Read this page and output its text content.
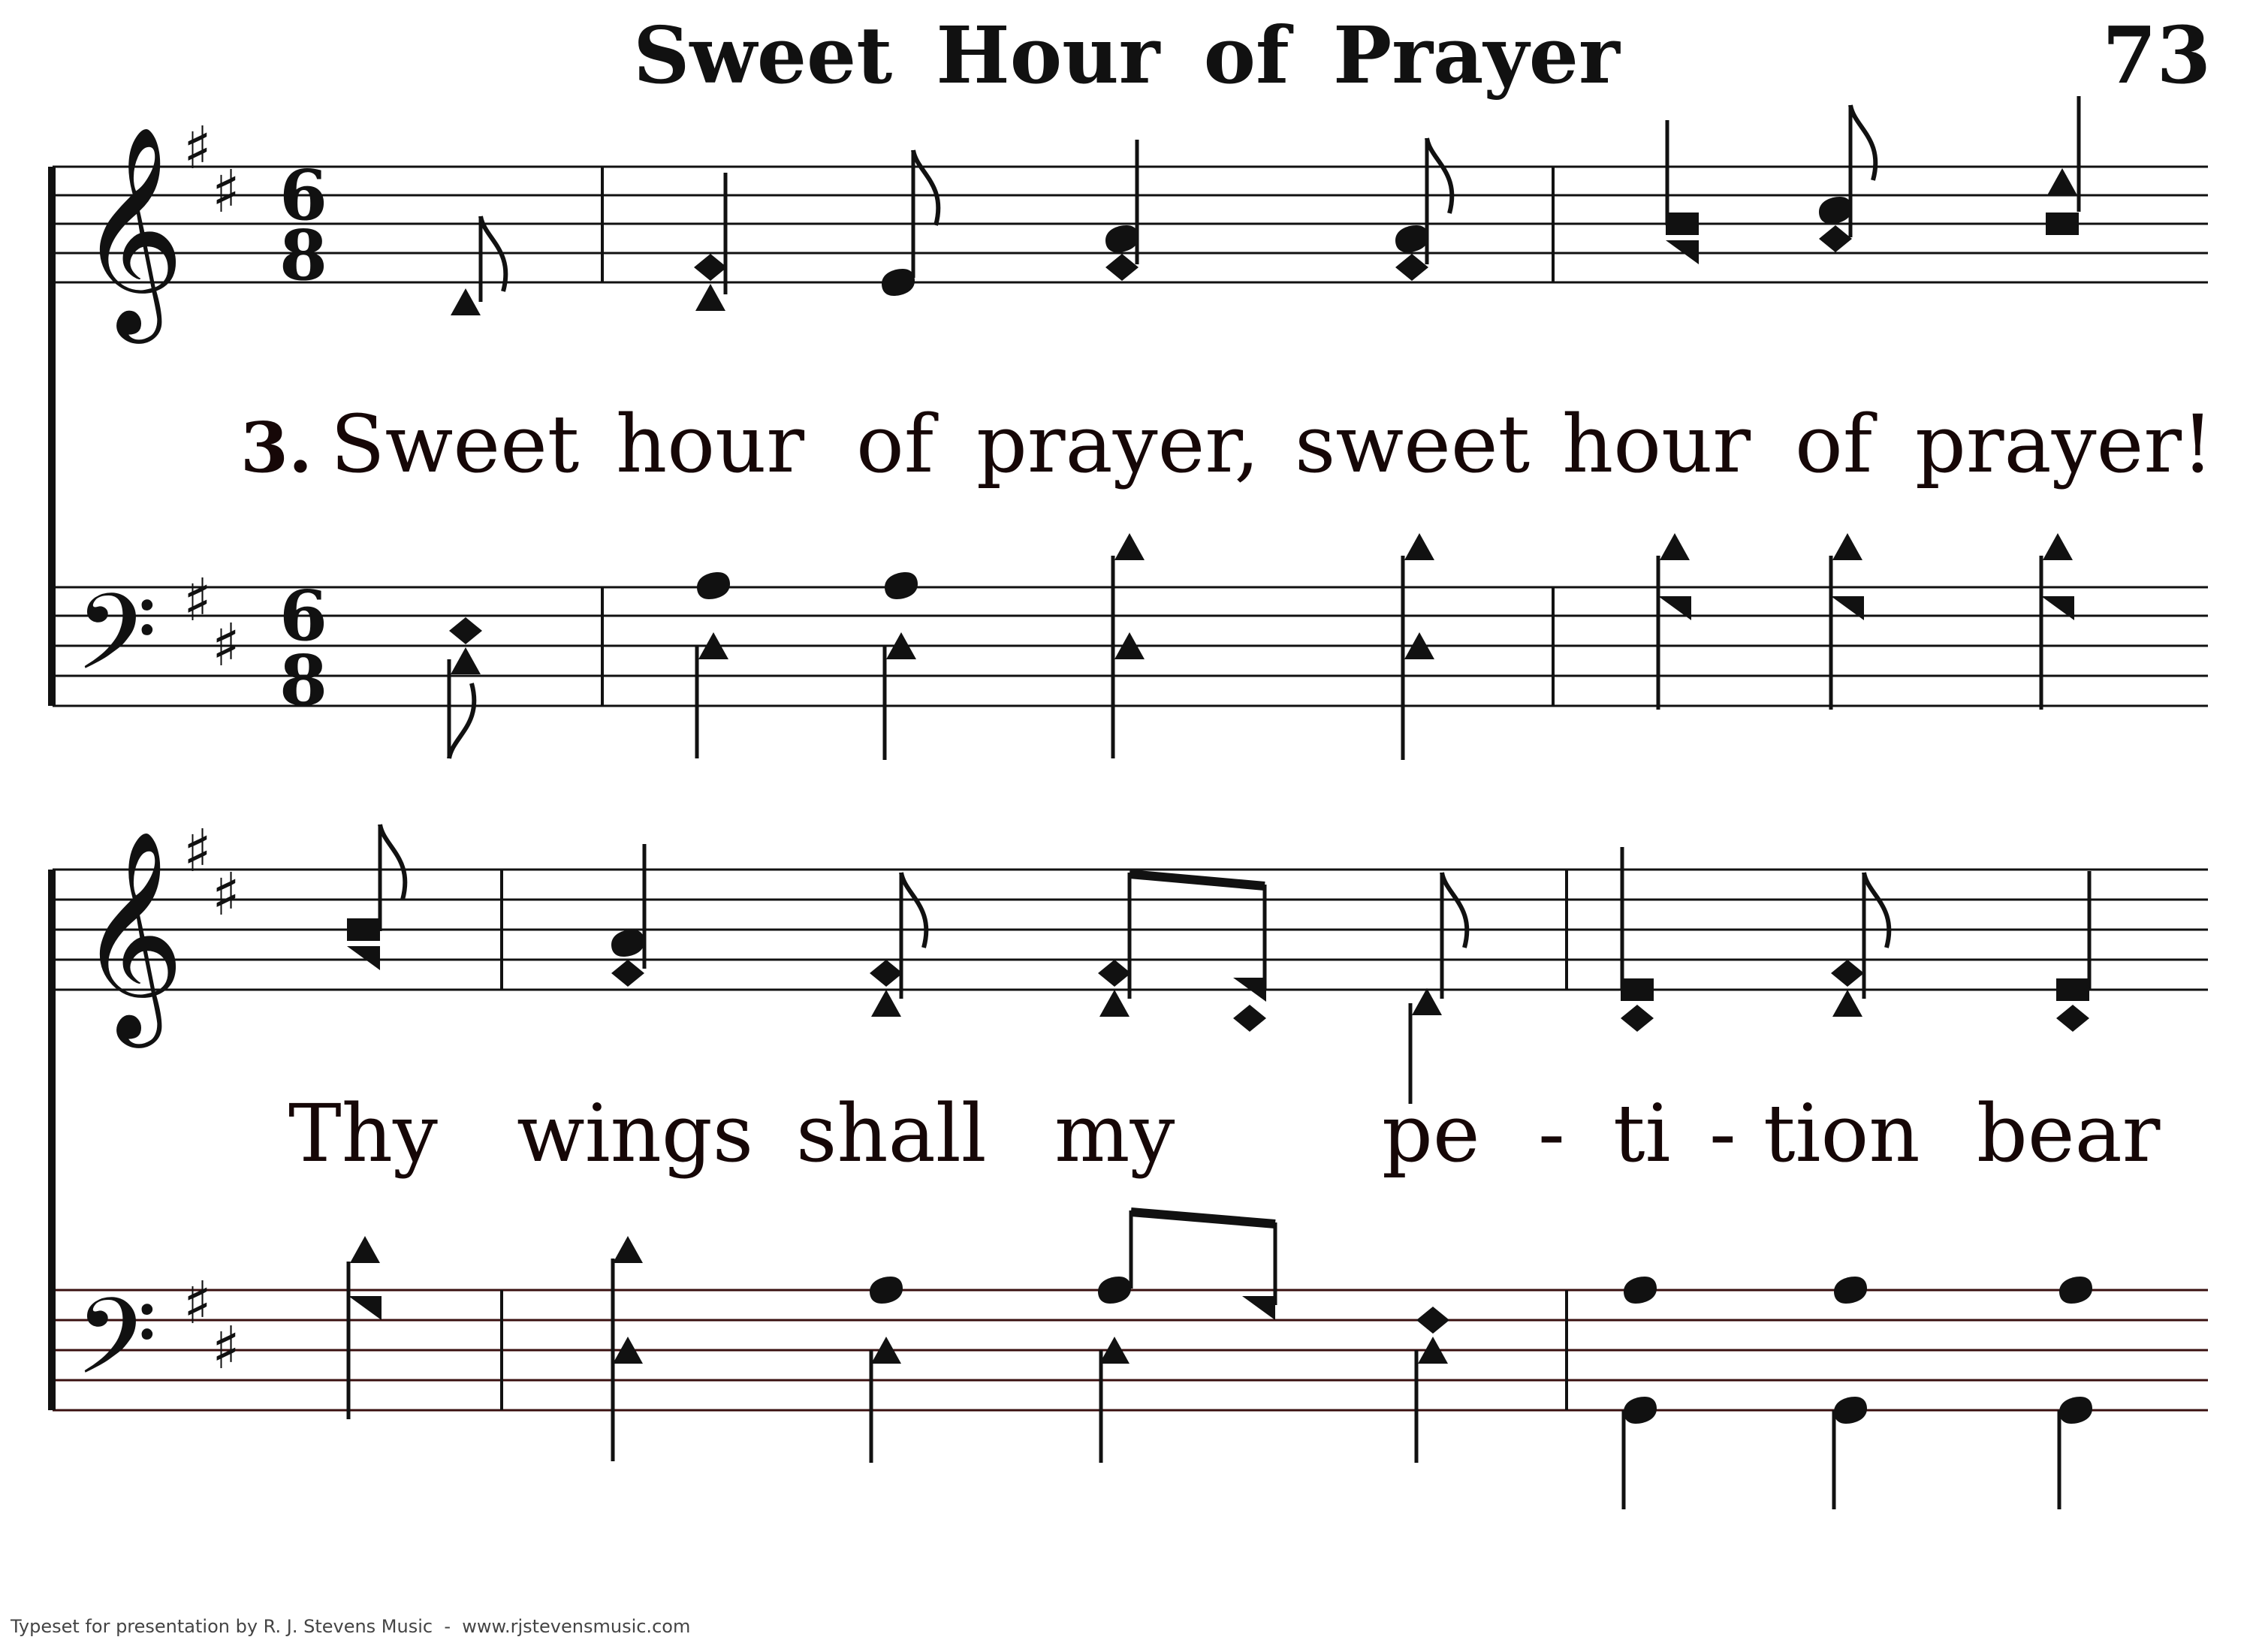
Sweet Hour of Prayer	73
𝄞
𝄢
♯
♯
♯
♯
6
8
6
8
3. Sweet hour of prayer, sweet hour of prayer!
𝄞
𝄢
♯
♯
♯
♯
Thy wings shall my	pe - ti - tion bear
Typeset for presentation by R. J. Stevens Music  -  www.rjstevensmusic.com
